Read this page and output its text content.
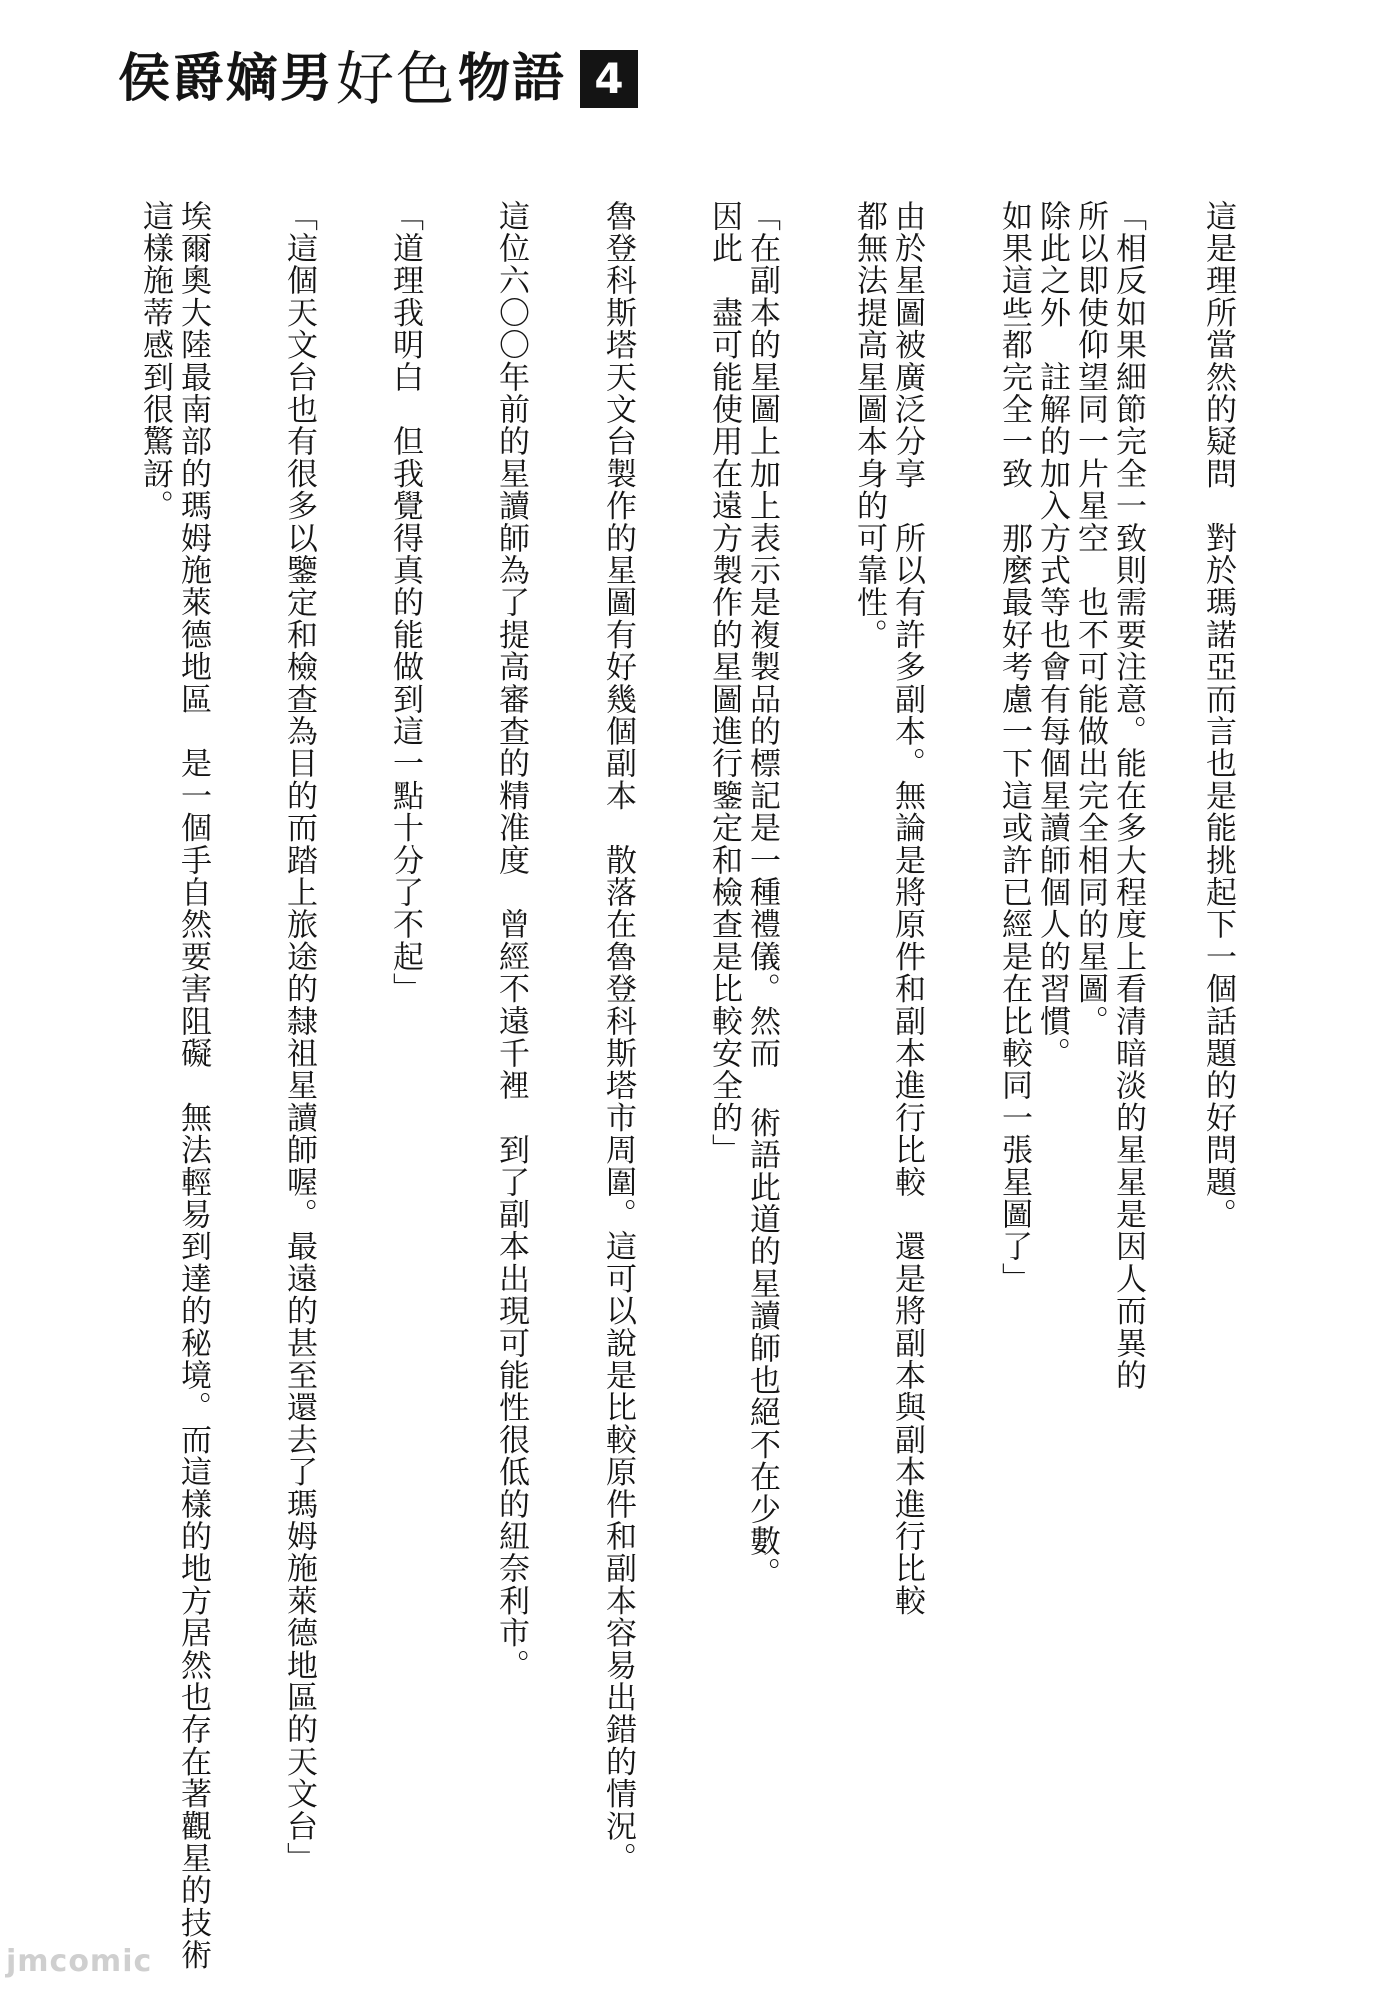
侯爵嫡男 好色 物語 4
這是理所當然的疑問　對於瑪諾亞而言也是能挑起下一個話題的好問題。
「相反如果細節完全一致則需要注意。能在多大程度上看清暗淡的星星是因人而異的
所以即使仰望同一片星空　也不可能做出完全相同的星圖。
除此之外　註解的加入方式等也會有每個星讀師個人的習慣。
如果這些都完全一致　那麼最好考慮一下這或許已經是在比較同一張星圖了」
由於星圖被廣泛分享　所以有許多副本。無論是將原件和副本進行比較　還是將副本與副本進行比較
都無法提高星圖本身的可靠性。
「在副本的星圖上加上表示是複製品的標記是一種禮儀。然而 術語此道的星讀師也絕不在少數。
因此　盡可能使用在遠方製作的星圖進行鑒定和檢查是比較安全的」
魯登科斯塔天文台製作的星圖有好幾個副本　散落在魯登科斯塔市周圍。這可以說是比較原件和副本容易出錯的情況。
這位六〇〇年前的星讀師為了提高審查的精准度　曾經不遠千裡　到了副本出現可能性很低的紐奈利市。
「道理我明白　但我覺得真的能做到這一點十分了不起」
「這個天文台也有很多以鑒定和檢查為目的而踏上旅途的隸祖星讀師喔。最遠的甚至還去了瑪姆施萊德地區的天文台」
埃爾奧大陸最南部的瑪姆施萊德地區　是一個手自然要害阻礙　無法輕易到達的秘境。而這樣的地方居然也存在著觀星的技術
這樣施蒂感到很驚訝。
jmcomic
